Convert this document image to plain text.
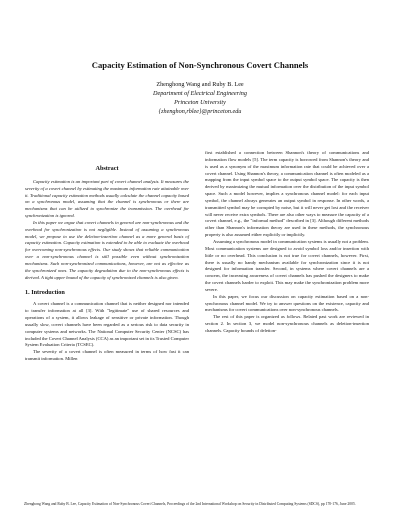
Capacity Estimation of Non-Synchronous Covert Channels
Zhenghong Wang and Ruby B. Lee
Department of Electrical Engineering
Princeton University
{zhenghon,rblee}@princeton.edu
Abstract

Capacity estimation is an important part of covert channel analysis. It measures the severity of a covert channel by estimating the maximum information rate attainable over it. Traditional capacity estimation methods usually calculate the channel capacity based on a synchronous model, assuming that the channel is synchronous or there are mechanisms that can be utilized to synchronize the transmission. The overhead for synchronization is ignored.

In this paper we argue that covert channels in general are non-synchronous and the overhead for synchronization is not negligible. Instead of assuming a synchronous model, we propose to use the deletion-insertion channel as a more general basis of capacity estimation. Capacity estimation is extended to be able to evaluate the overhead for overcoming non-synchronous effects. Our study shows that reliable communication over a non-synchronous channel is still possible even without synchronization mechanisms. Such non-synchronized communications, however, are not as effective as the synchronized ones. The capacity degradation due to the non-synchronous effects is derived. A tight upper bound of the capacity of synchronized channels is also given.

1. Introduction

A covert channel is a communication channel that is neither designed nor intended to transfer information at all [3]. With "legitimate" use of shared resources and operations of a system, it allows leakage of sensitive or private information. Though usually slow, covert channels have been regarded as a serious risk to data security in computer systems and networks. The National Computer Security Center (NCSC) has included the Covert Channel Analysis (CCA) as an important set in its Trusted Computer System Evaluation Criteria (TCSEC).

The severity of a covert channel is often measured in terms of how fast it can transmit information. Millen

first established a connection between Shannon's theory of communications and information flow models [5]. The term capacity is borrowed from Shannon's theory and is used as a synonym of the maximum information rate that could be achieved over a covert channel. Using Shannon's theory, a communication channel is often modeled as a mapping from the input symbol space to the output symbol space. The capacity is then derived by maximizing the mutual information over the distribution of the input symbol space. Such a model however, implies a synchronous channel model: for each input symbol, the channel always generates an output symbol in response. In other words, a transmitted symbol may be corrupted by noise, but it will never get lost and the receiver will never receive extra symbols. There are also other ways to measure the capacity of a covert channel, e.g., the "informal method" described in [3]. Although different methods other than Shannon's information theory are used in these methods, the synchronous property is also assumed either explicitly or implicitly.

Assuming a synchronous model in communication systems is usually not a problem. Most communication systems are designed to avoid symbol loss and/or insertion with little or no overhead. This conclusion is not true for covert channels, however. First, there is usually no handy mechanism available for synchronization since it is not designed for information transfer. Second, in systems where covert channels are a concern, the increasing awareness of covert channels has pushed the designers to make the covert channels harder to exploit. This may make the synchronization problem more severe.

In this paper, we focus our discussion on capacity estimation based on a non-synchronous channel model. We try to answer questions on the existence, capacity and mechanisms for covert communications over non-synchronous channels.

The rest of this paper is organized as follows. Related past work are reviewed in section 2. In section 3, we model non-synchronous channels as deletion-insertion channels. Capacity bounds of deletion-

Zhenghong Wang and Ruby B. Lee, Capacity Estimation of Non-Synchronous Covert Channels, Proceedings of the 2nd International Workshop on Security in Distributed Computing Systems (SDCS), pp 170-176, June 2005.
